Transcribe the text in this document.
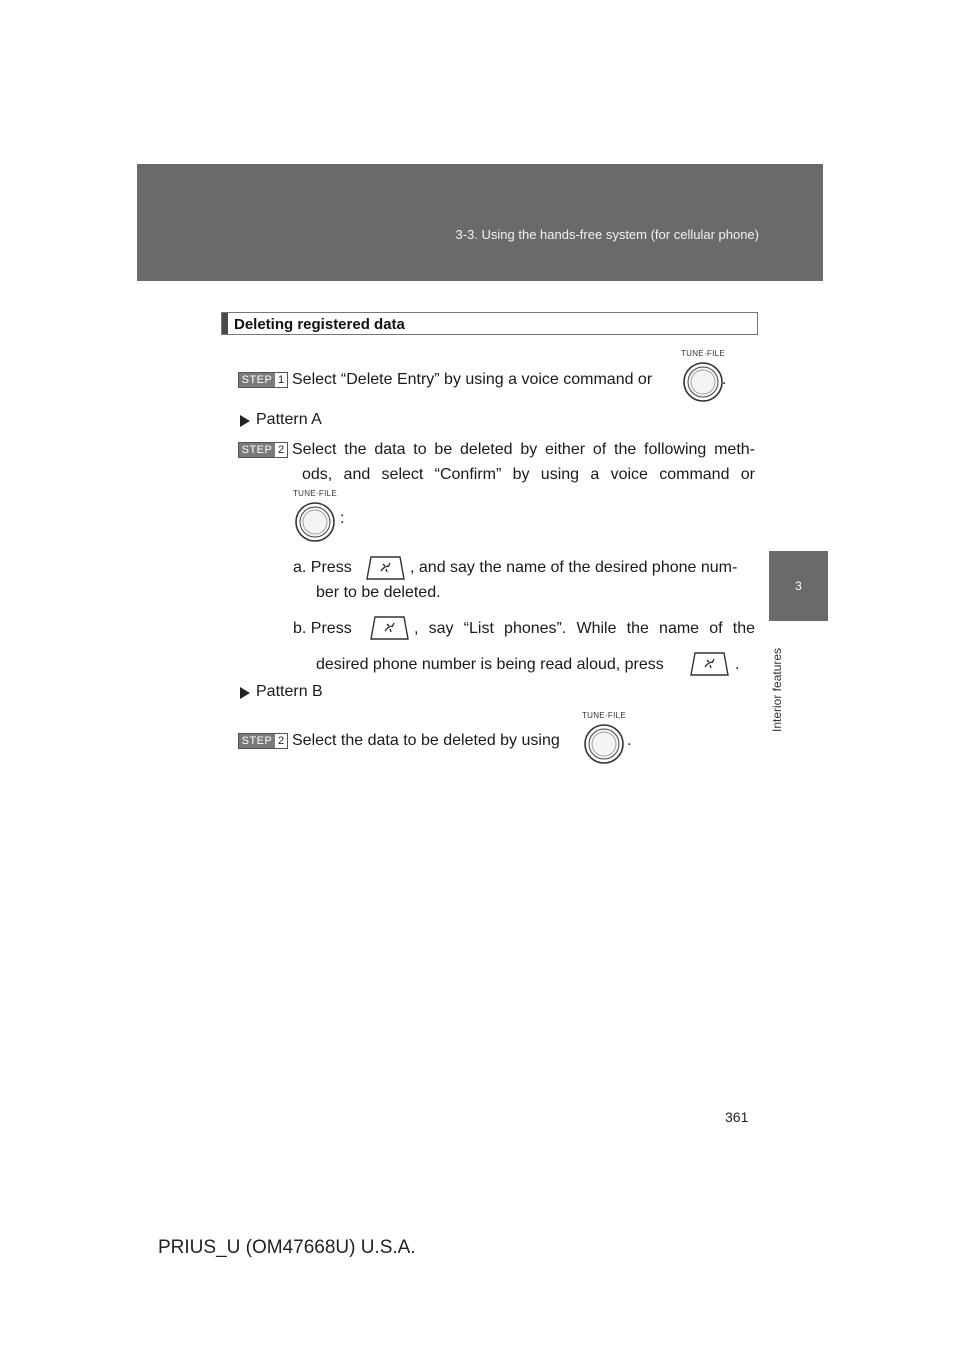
3-3. Using the hands-free system (for cellular phone)
3
Interior features
Deleting registered data
STEP 1 Select “Delete Entry” by using a voice command or
TUNE·FILE
.
Pattern A
STEP 2 Select the data to be deleted by either of the following meth-
ods, and select “Confirm” by using a voice command or
TUNE·FILE
:
a. Press	, and say the name of the desired phone num-
ber to be deleted.
b. Press	, say “List phones”. While the name of the
desired phone number is being read aloud, press	.
Pattern B
STEP 2 Select the data to be deleted by using
TUNE·FILE
.
361
PRIUS_U (OM47668U) U.S.A.
